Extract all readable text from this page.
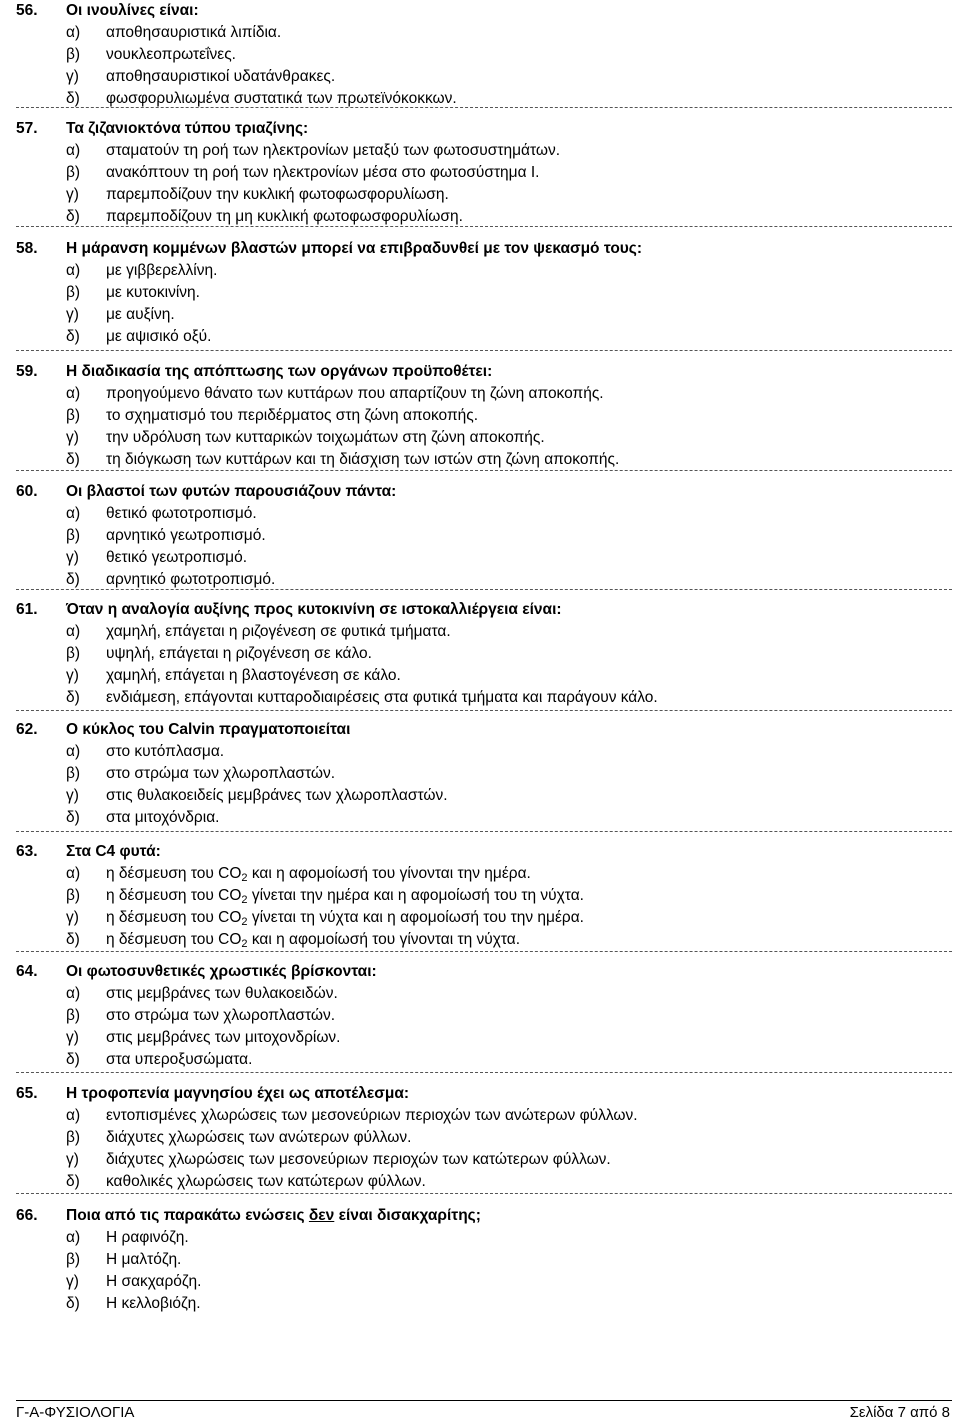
56.	Οι ινουλίνες είναι:
α)	αποθησαυριστικά λιπίδια.
β)	νουκλεοπρωτεΐνες.
γ)	αποθησαυριστικοί υδατάνθρακες.
δ)	φωσφορυλιωμένα συστατικά των πρωτεϊνόκοκκων.
57.	Τα ζιζανιοκτόνα τύπου τριαζίνης:
α)	σταματούν τη ροή των ηλεκτρονίων μεταξύ των φωτοσυστημάτων.
β)	ανακόπτουν τη ροή των ηλεκτρονίων μέσα στο φωτοσύστημα Ι.
γ)	παρεμποδίζουν την κυκλική φωτοφωσφορυλίωση.
δ)	παρεμποδίζουν τη μη κυκλική φωτοφωσφορυλίωση.
58.	Η μάρανση κομμένων βλαστών μπορεί να επιβραδυνθεί με τον ψεκασμό τους:
α)	με γιββερελλίνη.
β)	με κυτοκινίνη.
γ)	με αυξίνη.
δ)	με αψισικό οξύ.
59.	Η διαδικασία της απόπτωσης των οργάνων προϋποθέτει:
α)	προηγούμενο θάνατο των κυττάρων που απαρτίζουν τη ζώνη αποκοπής.
β)	το σχηματισμό του περιδέρματος στη ζώνη αποκοπής.
γ)	την υδρόλυση των κυτταρικών τοιχωμάτων στη ζώνη αποκοπής.
δ)	τη διόγκωση των κυττάρων και τη διάσχιση των ιστών στη ζώνη αποκοπής.
60.	Οι βλαστοί των φυτών παρουσιάζουν πάντα:
α)	θετικό φωτοτροπισμό.
β)	αρνητικό γεωτροπισμό.
γ)	θετικό γεωτροπισμό.
δ)	αρνητικό φωτοτροπισμό.
61.	Όταν η αναλογία αυξίνης προς κυτοκινίνη σε ιστοκαλλιέργεια είναι:
α)	χαμηλή, επάγεται η ριζογένεση σε φυτικά τμήματα.
β)	υψηλή, επάγεται η ριζογένεση σε κάλο.
γ)	χαμηλή, επάγεται η βλαστογένεση σε κάλο.
δ)	ενδιάμεση, επάγονται κυτταροδιαιρέσεις στα φυτικά τμήματα και παράγουν κάλο.
62.	Ο κύκλος του Calvin πραγματοποιείται
α)	στο κυτόπλασμα.
β)	στο στρώμα των χλωροπλαστών.
γ)	στις θυλακοειδείς μεμβράνες των χλωροπλαστών.
δ)	στα μιτοχόνδρια.
63.	Στα C4 φυτά:
α)	η δέσμευση του $CO_2$ και η αφομοίωσή του γίνονται την ημέρα.
β)	η δέσμευση του $CO_2$ γίνεται την ημέρα και η αφομοίωσή του τη νύχτα.
γ)	η δέσμευση του $CO_2$ γίνεται τη νύχτα και η αφομοίωσή του την ημέρα.
δ)	η δέσμευση του $CO_2$ και η αφομοίωσή του γίνονται τη νύχτα.
64.	Οι φωτοσυνθετικές χρωστικές βρίσκονται:
α)	στις μεμβράνες των θυλακοειδών.
β)	στο στρώμα των χλωροπλαστών.
γ)	στις μεμβράνες των μιτοχονδρίων.
δ)	στα υπεροξυσώματα.
65.	Η τροφοπενία μαγνησίου έχει ως αποτέλεσμα:
α)	εντοπισμένες χλωρώσεις των μεσονεύριων περιοχών των ανώτερων φύλλων.
β)	διάχυτες χλωρώσεις των ανώτερων φύλλων.
γ)	διάχυτες χλωρώσεις των μεσονεύριων περιοχών των κατώτερων φύλλων.
δ)	καθολικές χλωρώσεις των κατώτερων φύλλων.
66.	Ποια από τις παρακάτω ενώσεις δεν είναι δισακχαρίτης;
α)	Η ραφινόζη.
β)	Η μαλτόζη.
γ)	Η σακχαρόζη.
δ)	Η κελλοβιόζη.
Γ-Α-ΦΥΣΙΟΛΟΓΙΑ	Σελίδα 7 από 8
